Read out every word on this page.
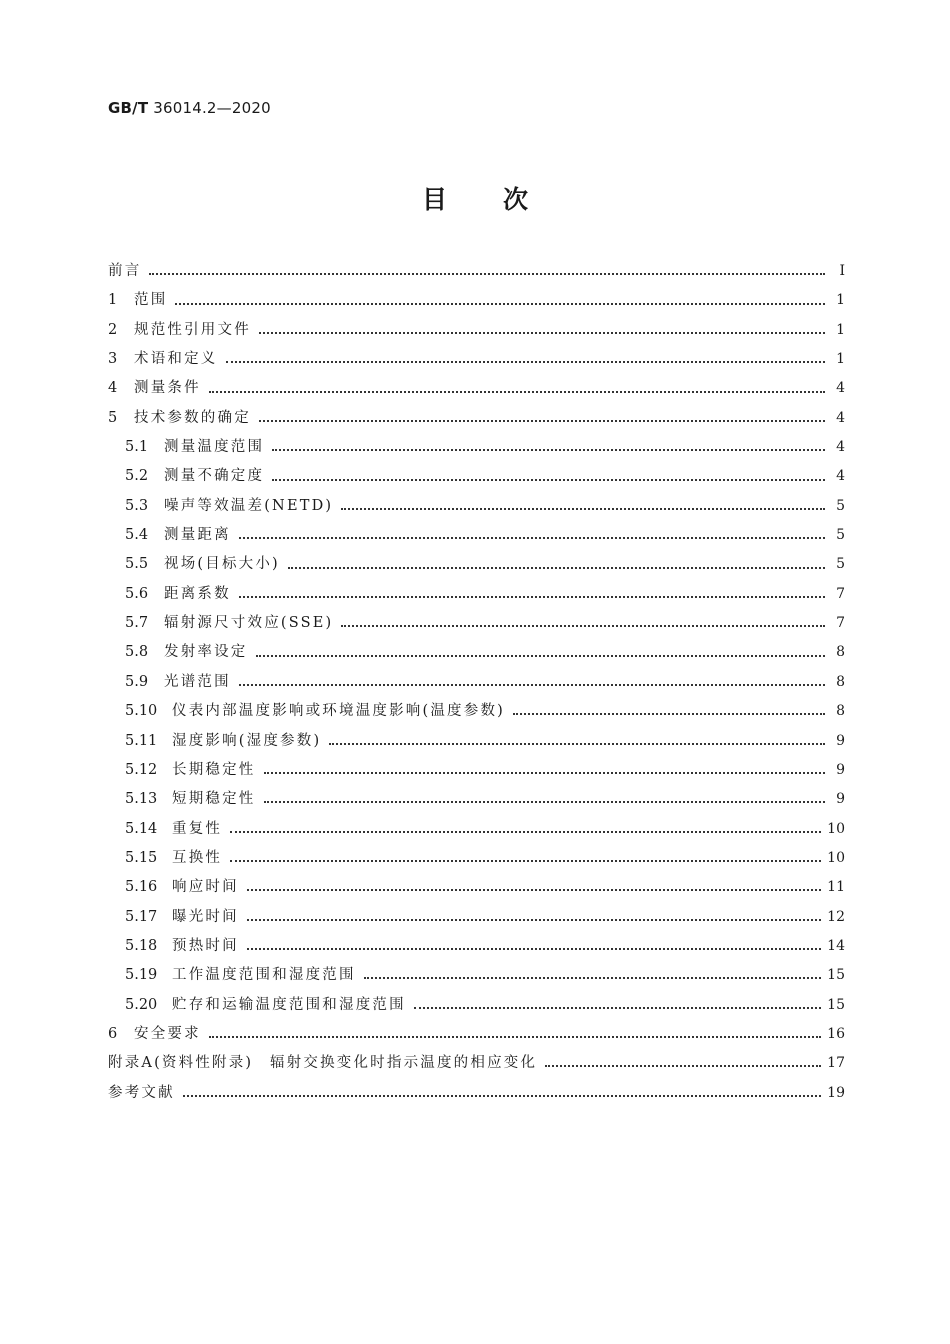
GB/T 36014.2—2020
目次
前言	Ⅰ
1	范围	1
2	规范性引用文件	1
3	术语和定义	1
4	测量条件	4
5	技术参数的确定	4
5.1	测量温度范围	4
5.2	测量不确定度	4
5.3	噪声等效温差(NETD)	5
5.4	测量距离	5
5.5	视场(目标大小)	5
5.6	距离系数	7
5.7	辐射源尺寸效应(SSE)	7
5.8	发射率设定	8
5.9	光谱范围	8
5.10	仪表内部温度影响或环境温度影响(温度参数)	8
5.11	湿度影响(湿度参数)	9
5.12	长期稳定性	9
5.13	短期稳定性	9
5.14	重复性	10
5.15	互换性	10
5.16	响应时间	11
5.17	曝光时间	12
5.18	预热时间	14
5.19	工作温度范围和湿度范围	15
5.20	贮存和运输温度范围和湿度范围	15
6	安全要求	16
附录A(资料性附录)　辐射交换变化时指示温度的相应变化	17
参考文献	19
